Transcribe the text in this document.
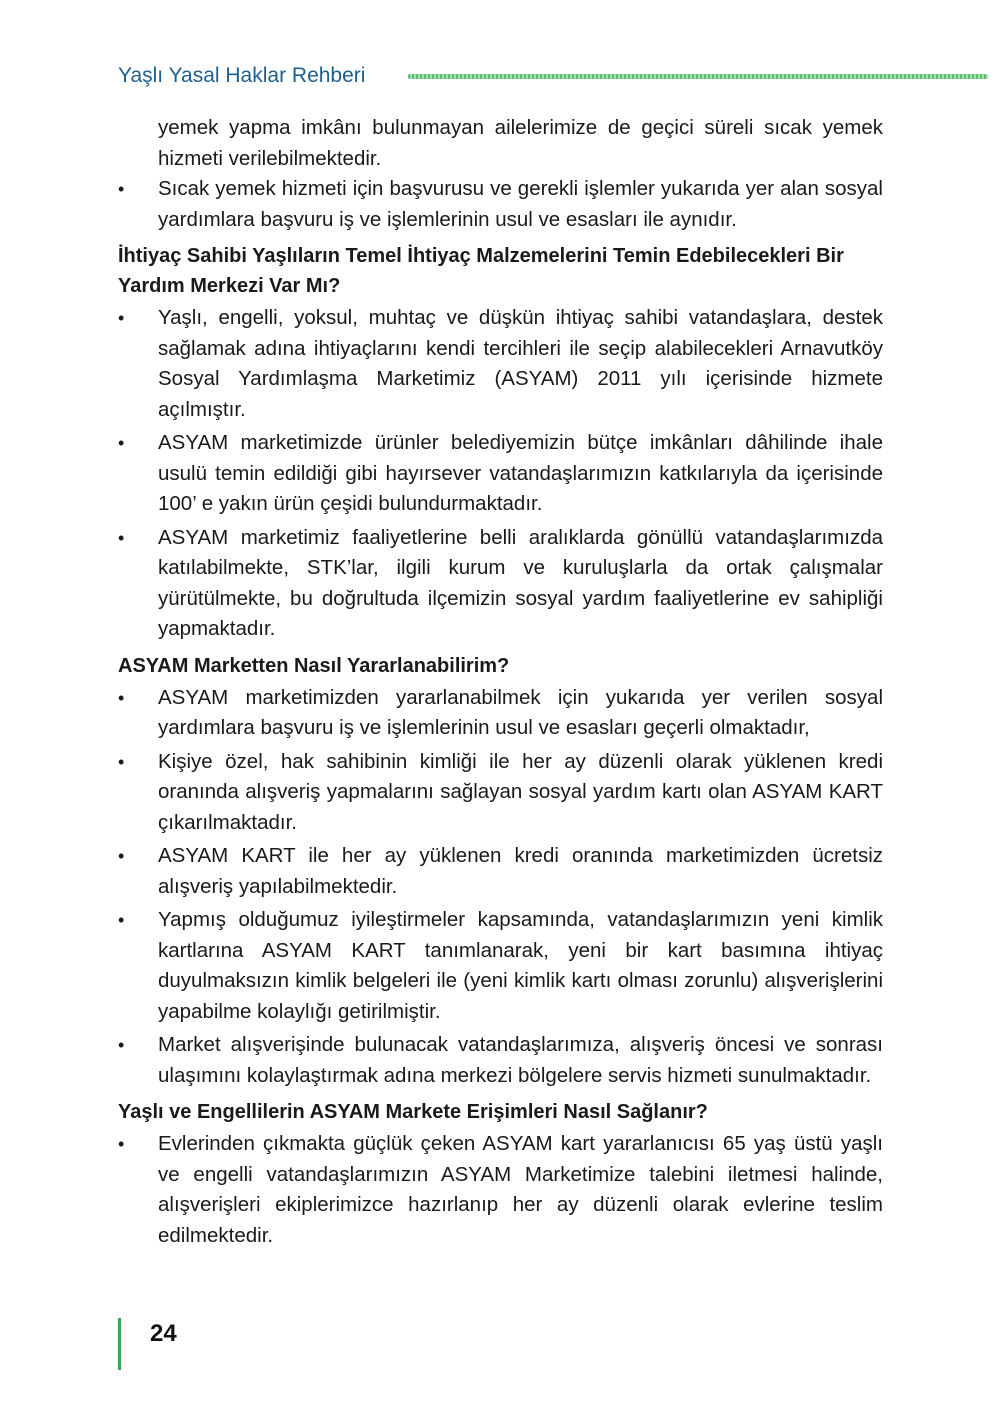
Yaşlı Yasal Haklar Rehberi

yemek yapma imkânı bulunmayan ailelerimize de geçici süreli sıcak yemek hizmeti verilebilmektedir.

• Sıcak yemek hizmeti için başvurusu ve gerekli işlemler yukarıda yer alan sosyal yardımlara başvuru iş ve işlemlerinin usul ve esasları ile aynıdır.

İhtiyaç Sahibi Yaşlıların Temel İhtiyaç Malzemelerini Temin Edebilecekleri Bir Yardım Merkezi Var Mı?

• Yaşlı, engelli, yoksul, muhtaç ve düşkün ihtiyaç sahibi vatandaşlara, destek sağlamak adına ihtiyaçlarını kendi tercihleri ile seçip alabilecekleri Arnavutköy Sosyal Yardımlaşma Marketimiz (ASYAM) 2011 yılı içerisinde hizmete açılmıştır.
• ASYAM marketimizde ürünler belediyemizin bütçe imkânları dâhilinde ihale usulü temin edildiği gibi hayırsever vatandaşlarımızın katkılarıyla da içerisinde 100’ e yakın ürün çeşidi bulundurmaktadır.
• ASYAM marketimiz faaliyetlerine belli aralıklarda gönüllü vatandaşlarımızda katılabilmekte, STK’lar, ilgili kurum ve kuruluşlarla da ortak çalışmalar yürütülmekte, bu doğrultuda ilçemizin sosyal yardım faaliyetlerine ev sahipliği yapmaktadır.

ASYAM Marketten Nasıl Yararlanabilirim?

• ASYAM marketimizden yararlanabilmek için yukarıda yer verilen sosyal yardımlara başvuru iş ve işlemlerinin usul ve esasları geçerli olmaktadır,
• Kişiye özel, hak sahibinin kimliği ile her ay düzenli olarak yüklenen kredi oranında alışveriş yapmalarını sağlayan sosyal yardım kartı olan ASYAM KART çıkarılmaktadır.
• ASYAM KART ile her ay yüklenen kredi oranında marketimizden ücretsiz alışveriş yapılabilmektedir.
• Yapmış olduğumuz iyileştirmeler kapsamında, vatandaşlarımızın yeni kimlik kartlarına ASYAM KART tanımlanarak, yeni bir kart basımına ihtiyaç duyulmaksızın kimlik belgeleri ile (yeni kimlik kartı olması zorunlu) alışverişlerini yapabilme kolaylığı getirilmiştir.
• Market alışverişinde bulunacak vatandaşlarımıza, alışveriş öncesi ve sonrası ulaşımını kolaylaştırmak adına merkezi bölgelere servis hizmeti sunulmaktadır.

Yaşlı ve Engellilerin ASYAM Markete Erişimleri Nasıl Sağlanır?

• Evlerinden çıkmakta güçlük çeken ASYAM kart yararlanıcısı 65 yaş üstü yaşlı ve engelli vatandaşlarımızın ASYAM Marketimize talebini iletmesi halinde, alışverişleri ekiplerimizce hazırlanıp her ay düzenli olarak evlerine teslim edilmektedir.
24
